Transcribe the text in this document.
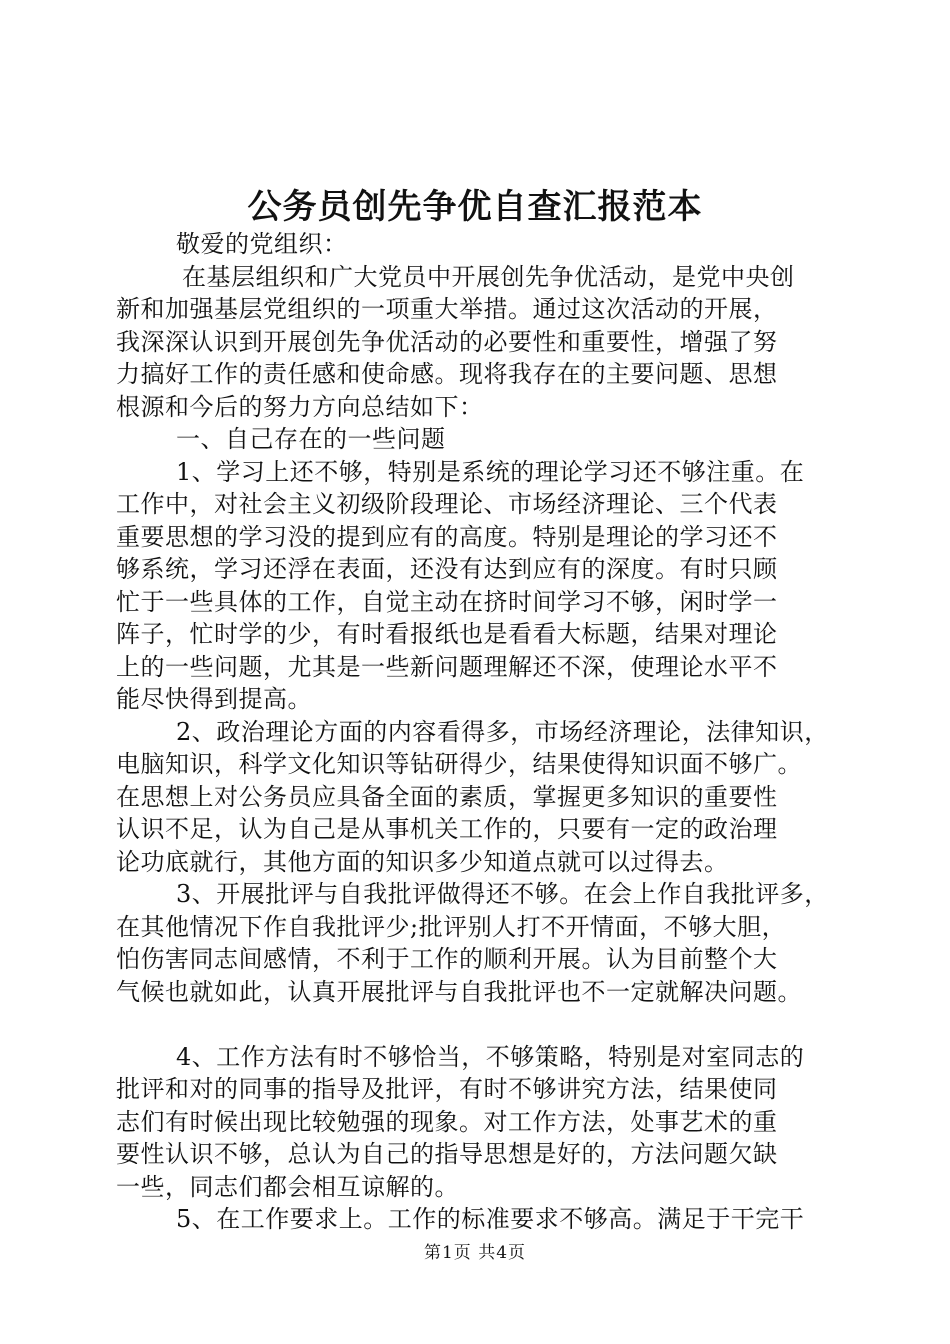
公务员创先争优自查汇报范本
敬爱的党组织：
在基层组织和广大党员中开展创先争优活动，是党中央创
新和加强基层党组织的一项重大举措。通过这次活动的开展，
我深深认识到开展创先争优活动的必要性和重要性，增强了努
力搞好工作的责任感和使命感。现将我存在的主要问题、思想
根源和今后的努力方向总结如下：
一、自己存在的一些问题
1、学习上还不够，特别是系统的理论学习还不够注重。在
工作中，对社会主义初级阶段理论、市场经济理论、三个代表
重要思想的学习没的提到应有的高度。特别是理论的学习还不
够系统，学习还浮在表面，还没有达到应有的深度。有时只顾
忙于一些具体的工作，自觉主动在挤时间学习不够，闲时学一
阵子，忙时学的少，有时看报纸也是看看大标题，结果对理论
上的一些问题，尤其是一些新问题理解还不深，使理论水平不
能尽快得到提高。
2、政治理论方面的内容看得多，市场经济理论，法律知识，
电脑知识，科学文化知识等钻研得少，结果使得知识面不够广。
在思想上对公务员应具备全面的素质，掌握更多知识的重要性
认识不足，认为自己是从事机关工作的，只要有一定的政治理
论功底就行，其他方面的知识多少知道点就可以过得去。
3、开展批评与自我批评做得还不够。在会上作自我批评多，
在其他情况下作自我批评少;批评别人打不开情面，不够大胆，
怕伤害同志间感情，不利于工作的顺利开展。认为目前整个大
气候也就如此，认真开展批评与自我批评也不一定就解决问题。
4、工作方法有时不够恰当，不够策略，特别是对室同志的
批评和对的同事的指导及批评，有时不够讲究方法，结果使同
志们有时候出现比较勉强的现象。对工作方法，处事艺术的重
要性认识不够，总认为自己的指导思想是好的，方法问题欠缺
一些，同志们都会相互谅解的。
5、在工作要求上。工作的标准要求不够高。满足于干完干
第1页 共4页
